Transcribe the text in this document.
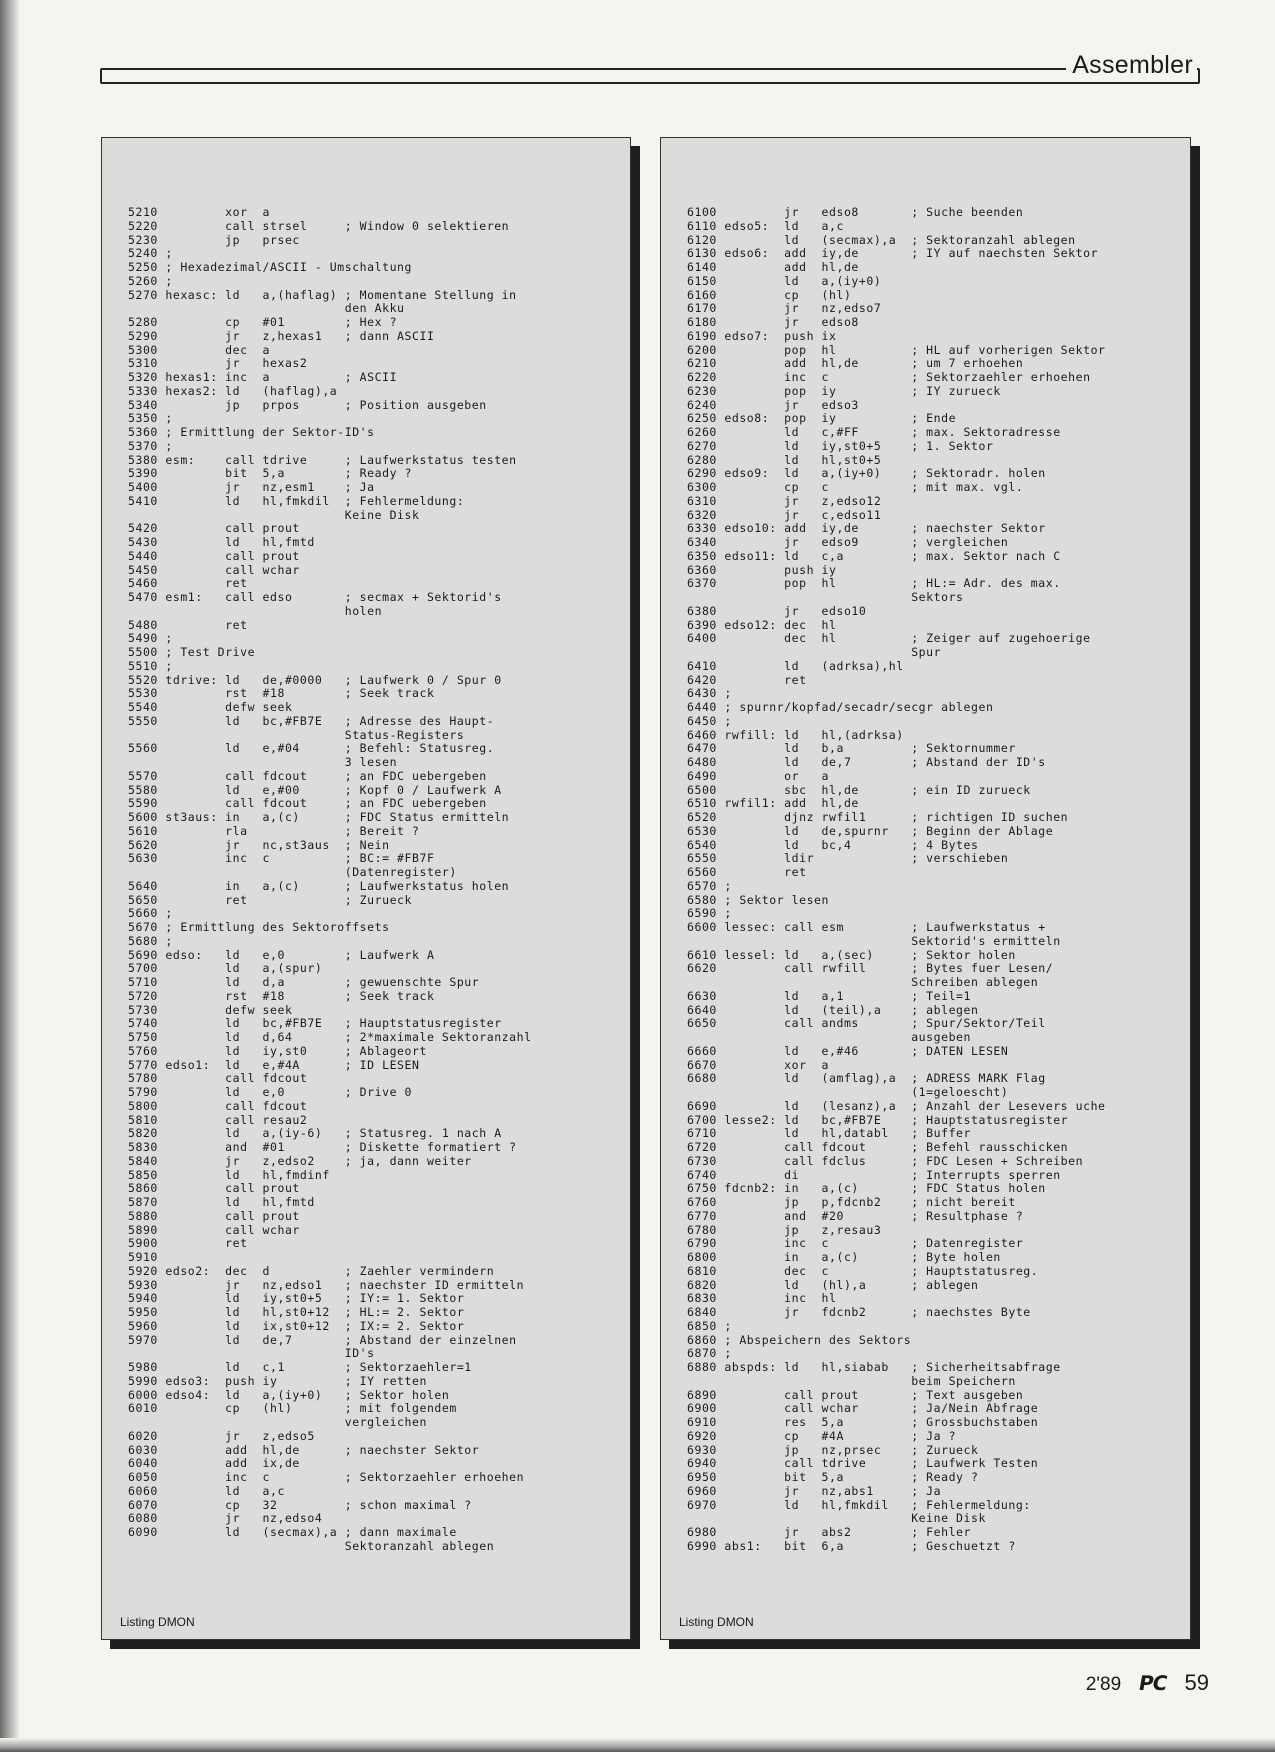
Assembler
5210         xor  a
5220         call strsel     ; Window 0 selektieren
5230         jp   prsec
5240 ;
5250 ; Hexadezimal/ASCII - Umschaltung
5260 ;
5270 hexasc: ld   a,(haflag) ; Momentane Stellung in
den Akku
5280         cp   #01        ; Hex ?
5290         jr   z,hexas1   ; dann ASCII
5300         dec  a
5310         jr   hexas2
5320 hexas1: inc  a          ; ASCII
5330 hexas2: ld   (haflag),a
5340         jp   prpos      ; Position ausgeben
5350 ;
5360 ; Ermittlung der Sektor-ID's
5370 ;
5380 esm:    call tdrive     ; Laufwerkstatus testen
5390         bit  5,a        ; Ready ?
5400         jr   nz,esm1    ; Ja
5410         ld   hl,fmkdil  ; Fehlermeldung:
Keine Disk
5420         call prout
5430         ld   hl,fmtd
5440         call prout
5450         call wchar
5460         ret
5470 esm1:   call edso       ; secmax + Sektorid's
holen
5480         ret
5490 ;
5500 ; Test Drive
5510 ;
5520 tdrive: ld   de,#0000   ; Laufwerk 0 / Spur 0
5530         rst  #18        ; Seek track
5540         defw seek
5550         ld   bc,#FB7E   ; Adresse des Haupt-
Status-Registers
5560         ld   e,#04      ; Befehl: Statusreg.
3 lesen
5570         call fdcout     ; an FDC uebergeben
5580         ld   e,#00      ; Kopf 0 / Laufwerk A
5590         call fdcout     ; an FDC uebergeben
5600 st3aus: in   a,(c)      ; FDC Status ermitteln
5610         rla             ; Bereit ?
5620         jr   nc,st3aus  ; Nein
5630         inc  c          ; BC:= #FB7F
(Datenregister)
5640         in   a,(c)      ; Laufwerkstatus holen
5650         ret             ; Zurueck
5660 ;
5670 ; Ermittlung des Sektoroffsets
5680 ;
5690 edso:   ld   e,0        ; Laufwerk A
5700         ld   a,(spur)
5710         ld   d,a        ; gewuenschte Spur
5720         rst  #18        ; Seek track
5730         defw seek
5740         ld   bc,#FB7E   ; Hauptstatusregister
5750         ld   d,64       ; 2*maximale Sektoranzahl
5760         ld   iy,st0     ; Ablageort
5770 edso1:  ld   e,#4A      ; ID LESEN
5780         call fdcout
5790         ld   e,0        ; Drive 0
5800         call fdcout
5810         call resau2
5820         ld   a,(iy-6)   ; Statusreg. 1 nach A
5830         and  #01        ; Diskette formatiert ?
5840         jr   z,edso2    ; ja, dann weiter
5850         ld   hl,fmdinf
5860         call prout
5870         ld   hl,fmtd
5880         call prout
5890         call wchar
5900         ret
5910
5920 edso2:  dec  d          ; Zaehler vermindern
5930         jr   nz,edso1   ; naechster ID ermitteln
5940         ld   iy,st0+5   ; IY:= 1. Sektor
5950         ld   hl,st0+12  ; HL:= 2. Sektor
5960         ld   ix,st0+12  ; IX:= 2. Sektor
5970         ld   de,7       ; Abstand der einzelnen
ID's
5980         ld   c,1        ; Sektorzaehler=1
5990 edso3:  push iy         ; IY retten
6000 edso4:  ld   a,(iy+0)   ; Sektor holen
6010         cp   (hl)       ; mit folgendem
vergleichen
6020         jr   z,edso5
6030         add  hl,de      ; naechster Sektor
6040         add  ix,de
6050         inc  c          ; Sektorzaehler erhoehen
6060         ld   a,c
6070         cp   32         ; schon maximal ?
6080         jr   nz,edso4
6090         ld   (secmax),a ; dann maximale
Sektoranzahl ablegen
Listing DMON
6100         jr   edso8       ; Suche beenden
6110 edso5:  ld   a,c
6120         ld   (secmax),a  ; Sektoranzahl ablegen
6130 edso6:  add  iy,de       ; IY auf naechsten Sektor
6140         add  hl,de
6150         ld   a,(iy+0)
6160         cp   (hl)
6170         jr   nz,edso7
6180         jr   edso8
6190 edso7:  push ix
6200         pop  hl          ; HL auf vorherigen Sektor
6210         add  hl,de       ; um 7 erhoehen
6220         inc  c           ; Sektorzaehler erhoehen
6230         pop  iy          ; IY zurueck
6240         jr   edso3
6250 edso8:  pop  iy          ; Ende
6260         ld   c,#FF       ; max. Sektoradresse
6270         ld   iy,st0+5    ; 1. Sektor
6280         ld   hl,st0+5
6290 edso9:  ld   a,(iy+0)    ; Sektoradr. holen
6300         cp   c           ; mit max. vgl.
6310         jr   z,edso12
6320         jr   c,edso11
6330 edso10: add  iy,de       ; naechster Sektor
6340         jr   edso9       ; vergleichen
6350 edso11: ld   c,a         ; max. Sektor nach C
6360         push iy
6370         pop  hl          ; HL:= Adr. des max.
Sektors
6380         jr   edso10
6390 edso12: dec  hl
6400         dec  hl          ; Zeiger auf zugehoerige
Spur
6410         ld   (adrksa),hl
6420         ret
6430 ;
6440 ; spurnr/kopfad/secadr/secgr ablegen
6450 ;
6460 rwfill: ld   hl,(adrksa)
6470         ld   b,a         ; Sektornummer
6480         ld   de,7        ; Abstand der ID's
6490         or   a
6500         sbc  hl,de       ; ein ID zurueck
6510 rwfil1: add  hl,de
6520         djnz rwfil1      ; richtigen ID suchen
6530         ld   de,spurnr   ; Beginn der Ablage
6540         ld   bc,4        ; 4 Bytes
6550         ldir             ; verschieben
6560         ret
6570 ;
6580 ; Sektor lesen
6590 ;
6600 lessec: call esm         ; Laufwerkstatus +
Sektorid's ermitteln
6610 lessel: ld   a,(sec)     ; Sektor holen
6620         call rwfill      ; Bytes fuer Lesen/
Schreiben ablegen
6630         ld   a,1         ; Teil=1
6640         ld   (teil),a    ; ablegen
6650         call andms       ; Spur/Sektor/Teil
ausgeben
6660         ld   e,#46       ; DATEN LESEN
6670         xor  a
6680         ld   (amflag),a  ; ADRESS MARK Flag
(1=geloescht)
6690         ld   (lesanz),a  ; Anzahl der Lesevers uche
6700 lesse2: ld   bc,#FB7E    ; Hauptstatusregister
6710         ld   hl,databl   ; Buffer
6720         call fdcout      ; Befehl rausschicken
6730         call fdclus      ; FDC Lesen + Schreiben
6740         di               ; Interrupts sperren
6750 fdcnb2: in   a,(c)       ; FDC Status holen
6760         jp   p,fdcnb2    ; nicht bereit
6770         and  #20         ; Resultphase ?
6780         jp   z,resau3
6790         inc  c           ; Datenregister
6800         in   a,(c)       ; Byte holen
6810         dec  c           ; Hauptstatusreg.
6820         ld   (hl),a      ; ablegen
6830         inc  hl
6840         jr   fdcnb2      ; naechstes Byte
6850 ;
6860 ; Abspeichern des Sektors
6870 ;
6880 abspds: ld   hl,siabab   ; Sicherheitsabfrage
beim Speichern
6890         call prout       ; Text ausgeben
6900         call wchar       ; Ja/Nein Abfrage
6910         res  5,a         ; Grossbuchstaben
6920         cp   #4A         ; Ja ?
6930         jp   nz,prsec    ; Zurueck
6940         call tdrive      ; Laufwerk Testen
6950         bit  5,a         ; Ready ?
6960         jr   nz,abs1     ; Ja
6970         ld   hl,fmkdil   ; Fehlermeldung:
Keine Disk
6980         jr   abs2        ; Fehler
6990 abs1:   bit  6,a         ; Geschuetzt ?
Listing DMON
2'89 PC 59
